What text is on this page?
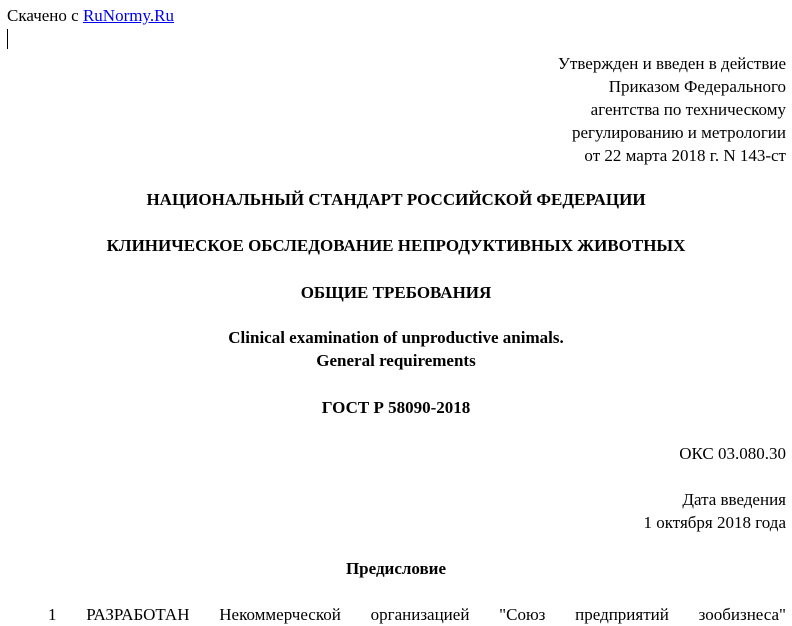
Скачено с RuNormy.Ru
Утвержден и введен в действие
Приказом Федерального
агентства по техническому
регулированию и метрологии
от 22 марта 2018 г. N 143-ст
НАЦИОНАЛЬНЫЙ СТАНДАРТ РОССИЙСКОЙ ФЕДЕРАЦИИ
КЛИНИЧЕСКОЕ ОБСЛЕДОВАНИЕ НЕПРОДУКТИВНЫХ ЖИВОТНЫХ
ОБЩИЕ ТРЕБОВАНИЯ
Clinical examination of unproductive animals.
General requirements
ГОСТ Р 58090-2018
ОКС 03.080.30
Дата введения
1 октября 2018 года
Предисловие
1 РАЗРАБОТАН Некоммерческой организацией "Союз предприятий зообизнеса"
